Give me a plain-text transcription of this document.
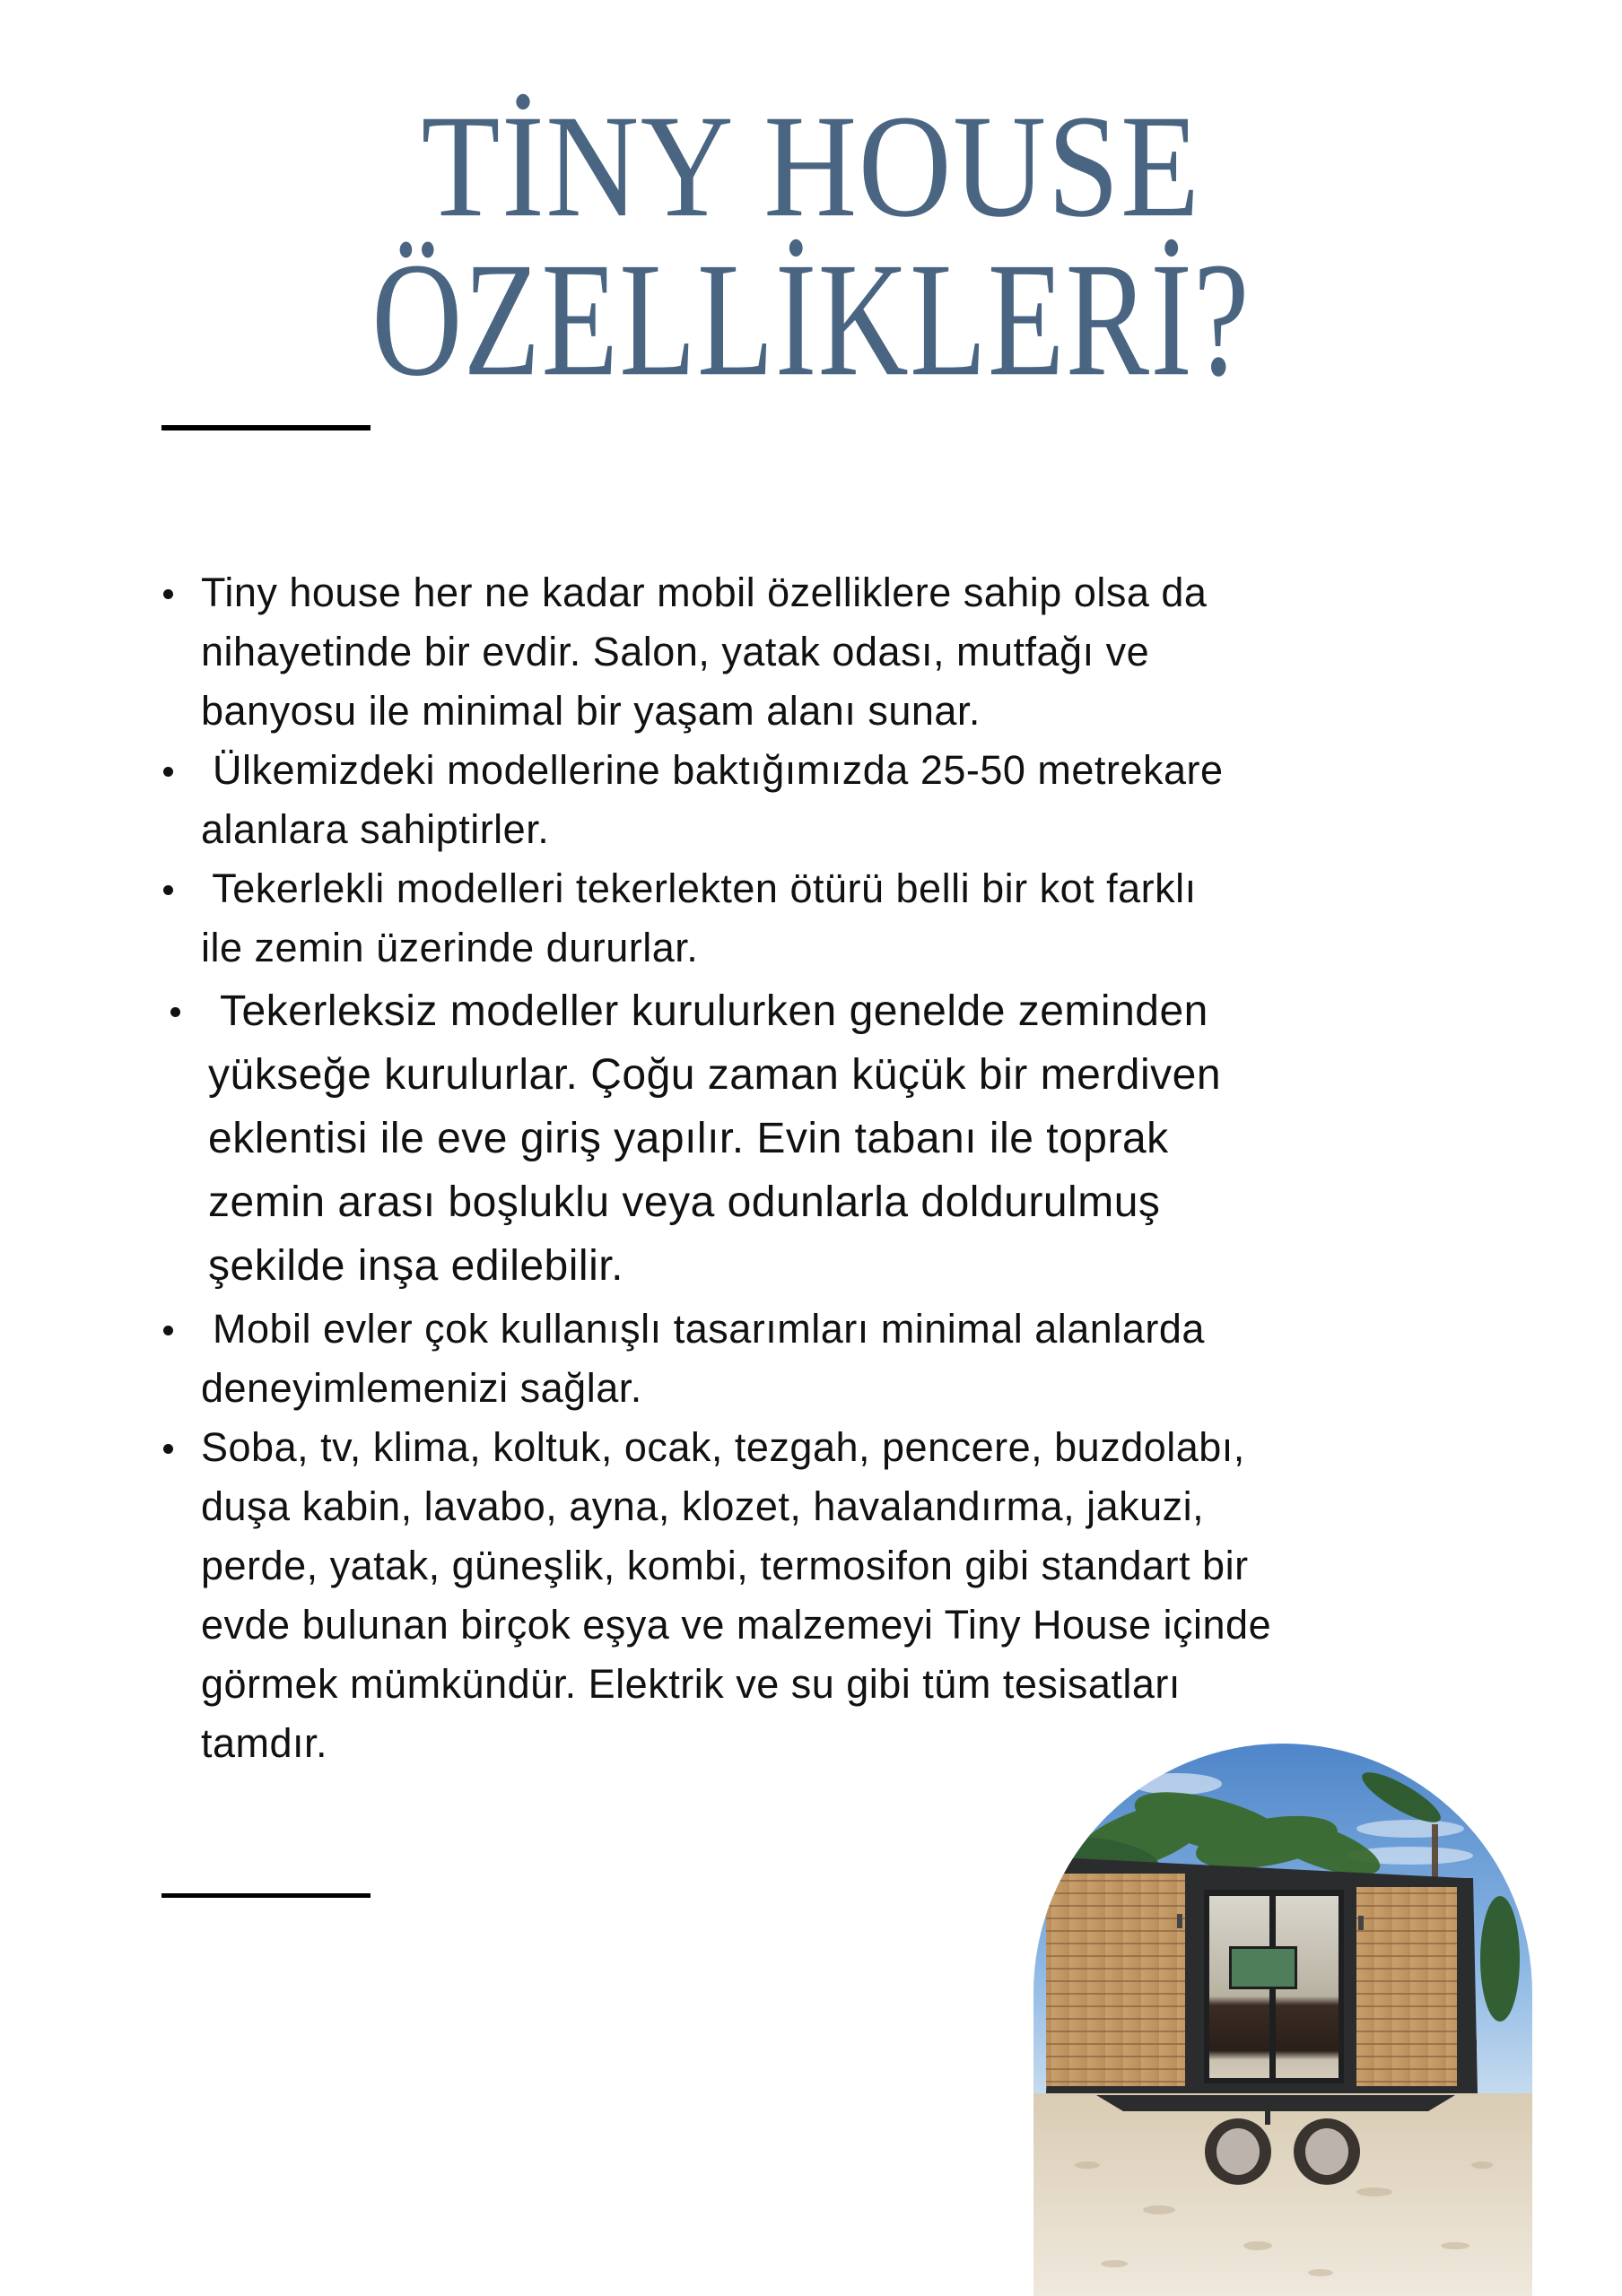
TİNY HOUSE
ÖZELLİKLERİ?
Tiny house her ne kadar mobil özelliklere sahip olsa da
nihayetinde bir evdir. Salon, yatak odası, mutfağı ve
banyosu ile minimal bir yaşam alanı sunar.
Ülkemizdeki modellerine baktığımızda 25-50 metrekare
alanlara sahiptirler.
Tekerlekli modelleri tekerlekten ötürü belli bir kot farklı
ile zemin üzerinde dururlar.
Tekerleksiz modeller kurulurken genelde zeminden
yükseğe kurulurlar. Çoğu zaman küçük bir merdiven
eklentisi ile eve giriş yapılır. Evin tabanı ile toprak
zemin arası boşluklu veya odunlarla doldurulmuş
şekilde inşa edilebilir.
Mobil evler çok kullanışlı tasarımları minimal alanlarda
deneyimlemenizi sağlar.
Soba, tv, klima, koltuk, ocak, tezgah, pencere, buzdolabı,
duşa kabin, lavabo, ayna, klozet, havalandırma, jakuzi,
perde, yatak, güneşlik, kombi, termosifon gibi standart bir
evde bulunan birçok eşya ve malzemeyi Tiny House içinde
görmek mümkündür. Elektrik ve su gibi tüm tesisatları
tamdır.
